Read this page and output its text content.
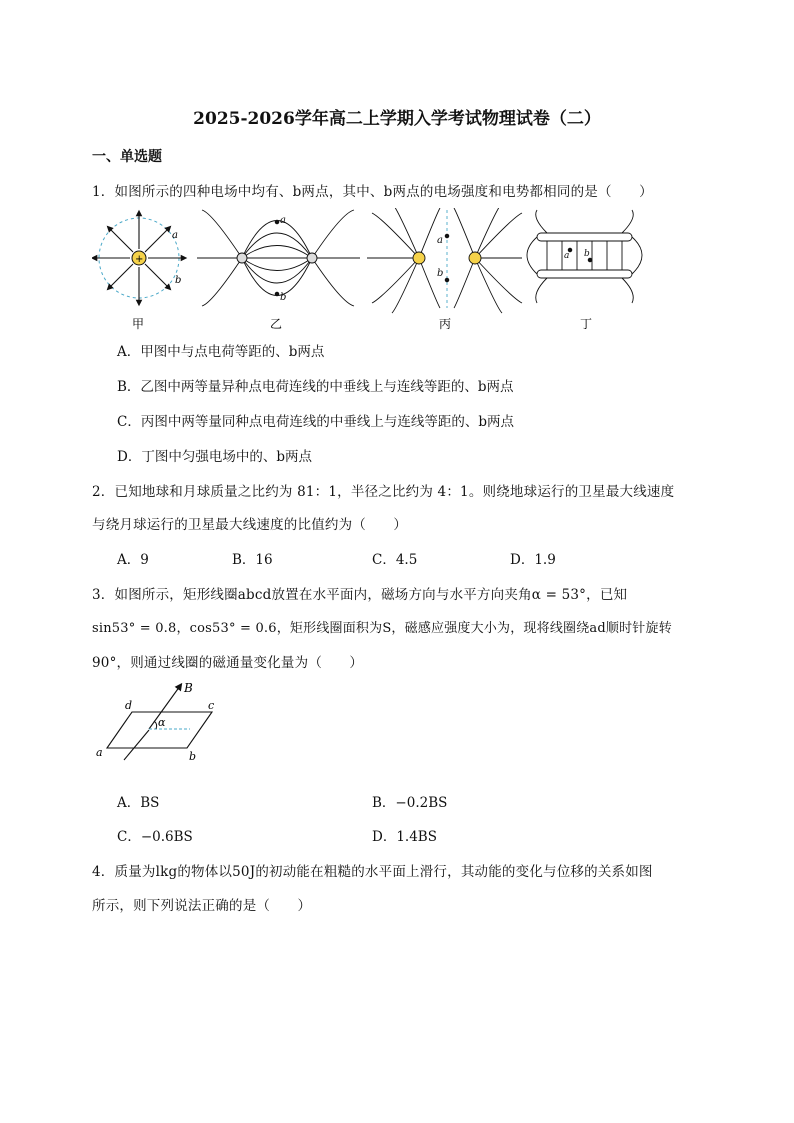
2025-2026学年高二上学期入学考试物理试卷（二）
一、单选题
1．如图所示的四种电场中均有、b两点，其中、b两点的电场强度和电势都相同的是（　　）
+
a
b
a
b
a
b
a b
甲	乙	丙	丁
A．甲图中与点电荷等距的、b两点
B．乙图中两等量异种点电荷连线的中垂线上与连线等距的、b两点
C．丙图中两等量同种点电荷连线的中垂线上与连线等距的、b两点
D．丁图中匀强电场中的、b两点
2．已知地球和月球质量之比约为 81：1，半径之比约为 4：1。则绕地球运行的卫星最大线速度
与绕月球运行的卫星最大线速度的比值约为（　　）
A．9	B．16	C．4.5	D．1.9
3．如图所示，矩形线圈abcd放置在水平面内，磁场方向与水平方向夹角α = 53°，已知
sin53° = 0.8，cos53° = 0.6，矩形线圈面积为S，磁感应强度大小为，现将线圈绕ad顺时针旋转
90°，则通过线圈的磁通量变化量为（　　）
B
α
d	c
a	b
A．BS	B．−0.2BS
C．−0.6BS	D．1.4BS
4．质量为lkg的物体以50J的初动能在粗糙的水平面上滑行，其动能的变化与位移的关系如图
所示，则下列说法正确的是（　　）
